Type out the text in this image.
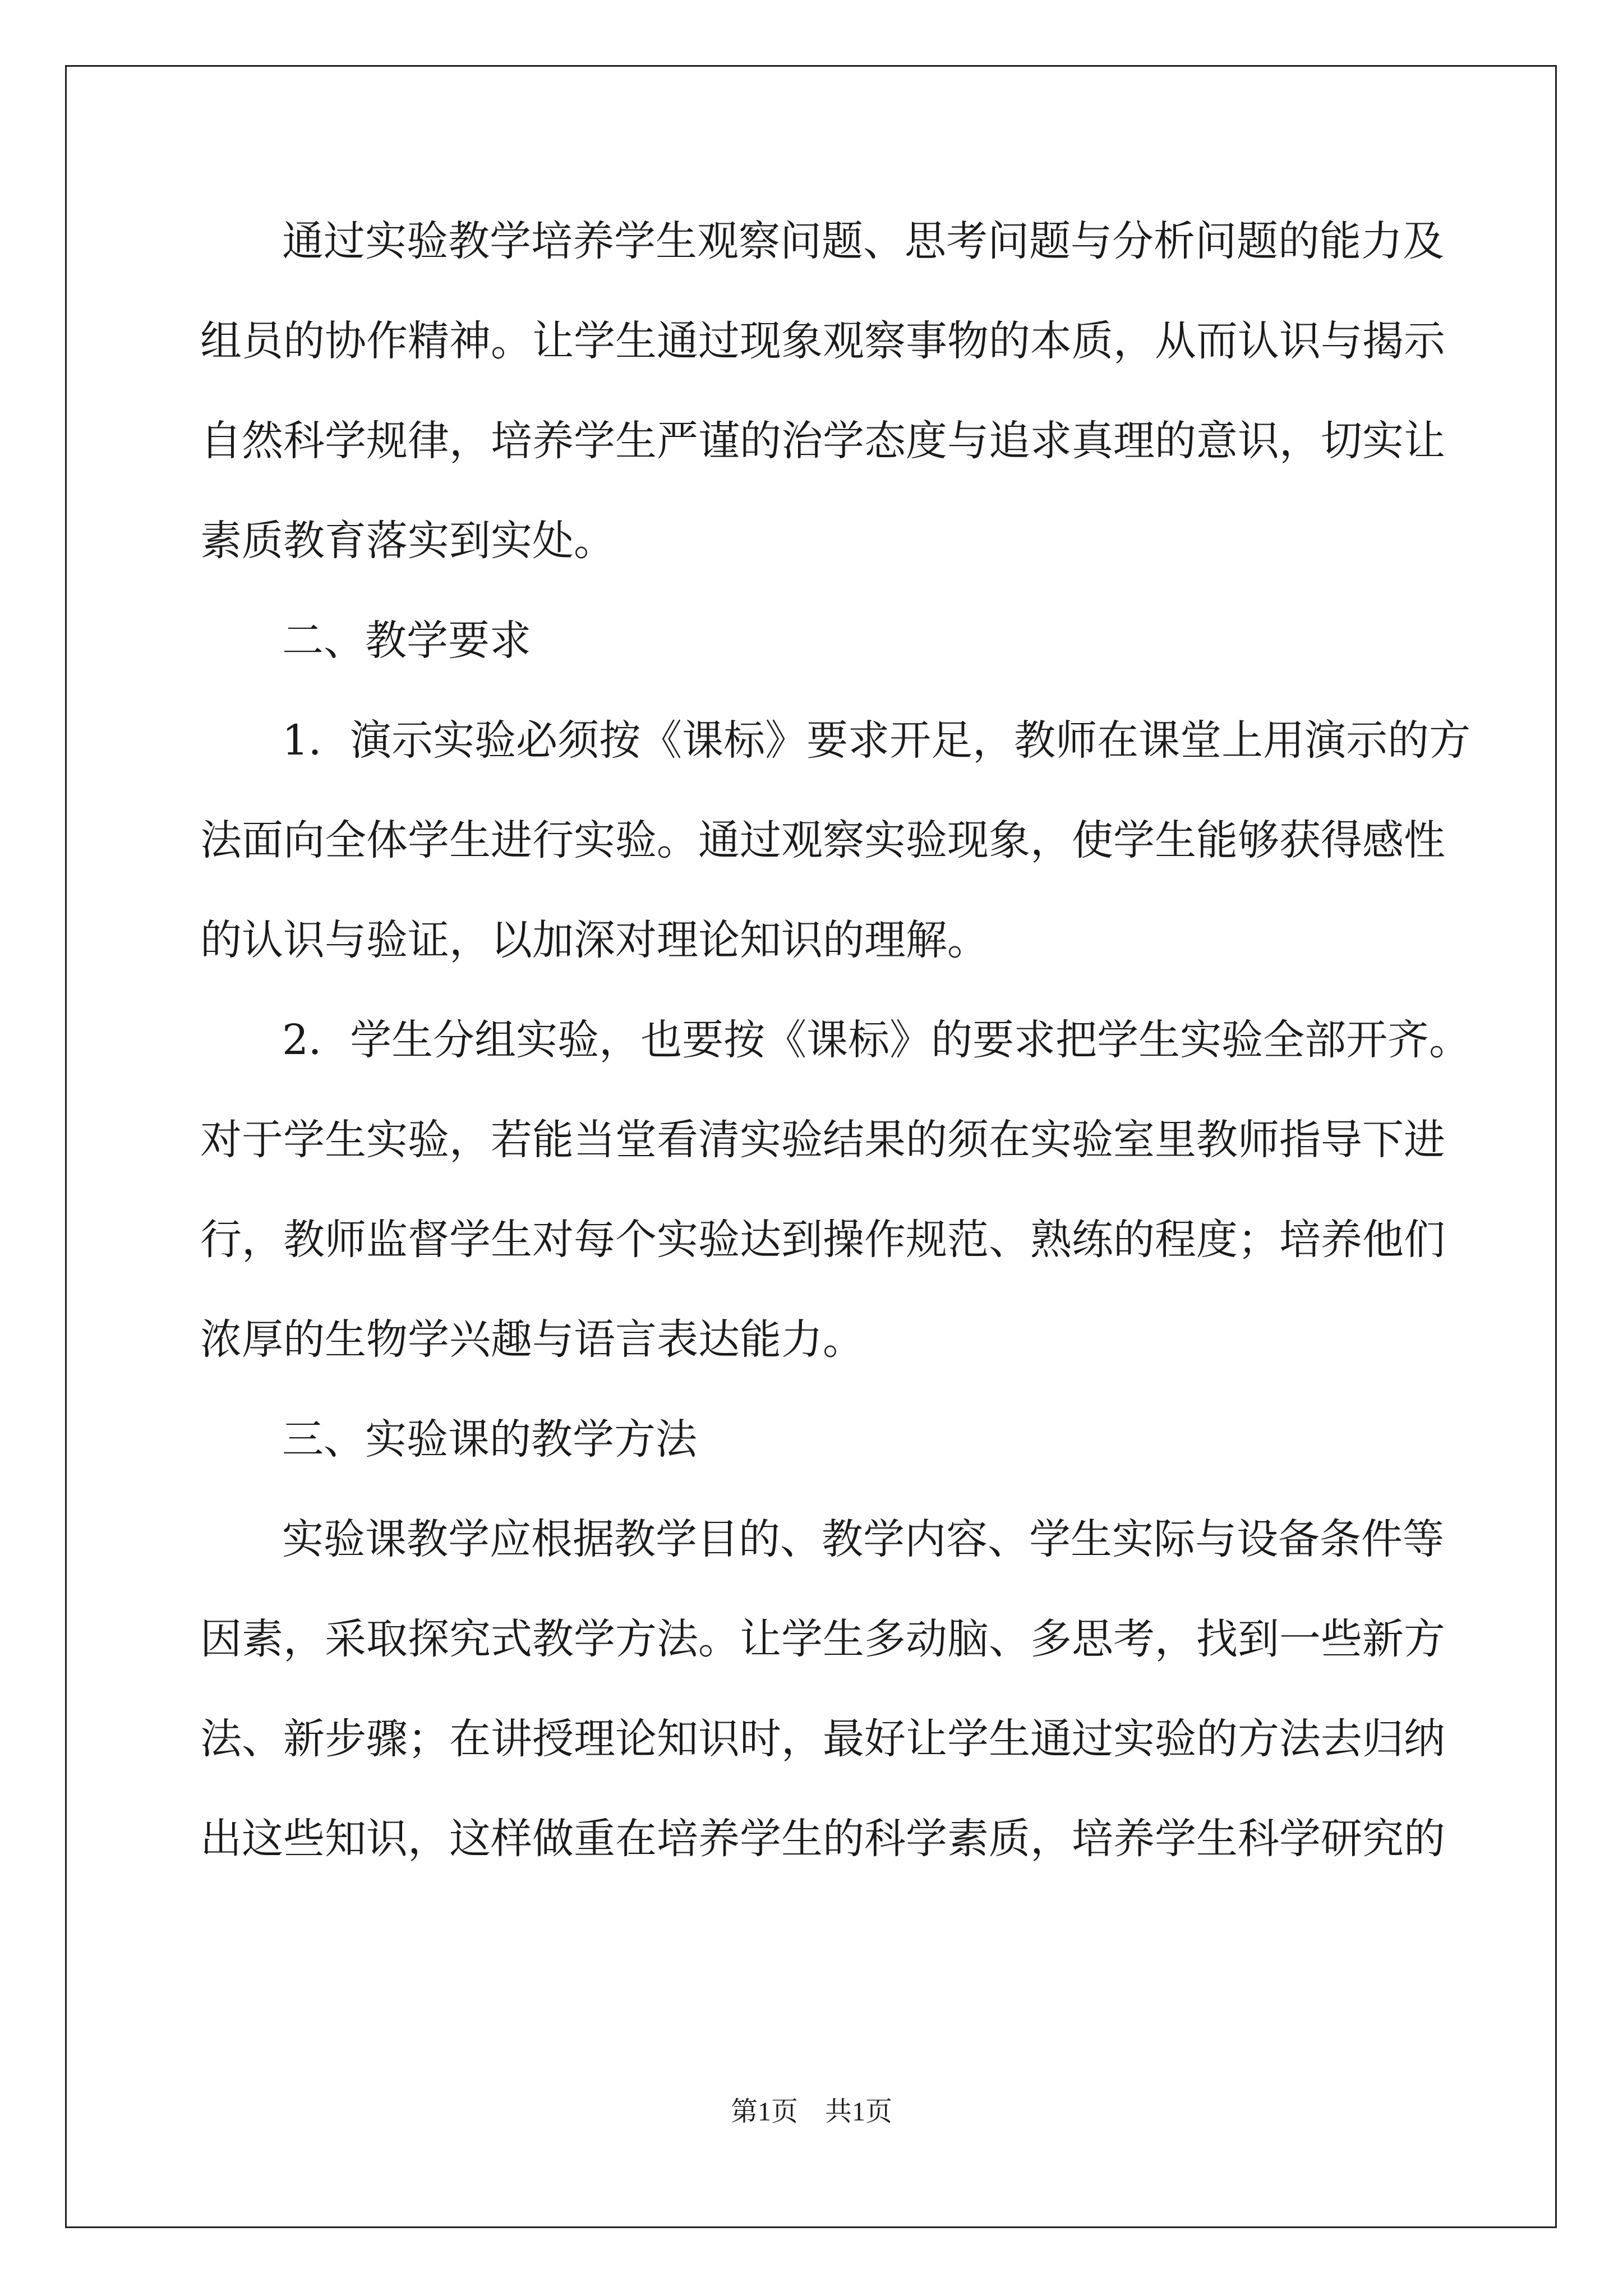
通过实验教学培养学生观察问题、思考问题与分析问题的能力及
组员的协作精神。让学生通过现象观察事物的本质，从而认识与揭示
自然科学规律，培养学生严谨的治学态度与追求真理的意识，切实让
素质教育落实到实处。
二、教学要求
1．演示实验必须按《课标》要求开足，教师在课堂上用演示的方
法面向全体学生进行实验。通过观察实验现象，使学生能够获得感性
的认识与验证，以加深对理论知识的理解。
2．学生分组实验，也要按《课标》的要求把学生实验全部开齐。
对于学生实验，若能当堂看清实验结果的须在实验室里教师指导下进
行，教师监督学生对每个实验达到操作规范、熟练的程度；培养他们
浓厚的生物学兴趣与语言表达能力。
三、实验课的教学方法
实验课教学应根据教学目的、教学内容、学生实际与设备条件等
因素，采取探究式教学方法。让学生多动脑、多思考，找到一些新方
法、新步骤；在讲授理论知识时，最好让学生通过实验的方法去归纳
出这些知识，这样做重在培养学生的科学素质，培养学生科学研究的
第1页　共1页
